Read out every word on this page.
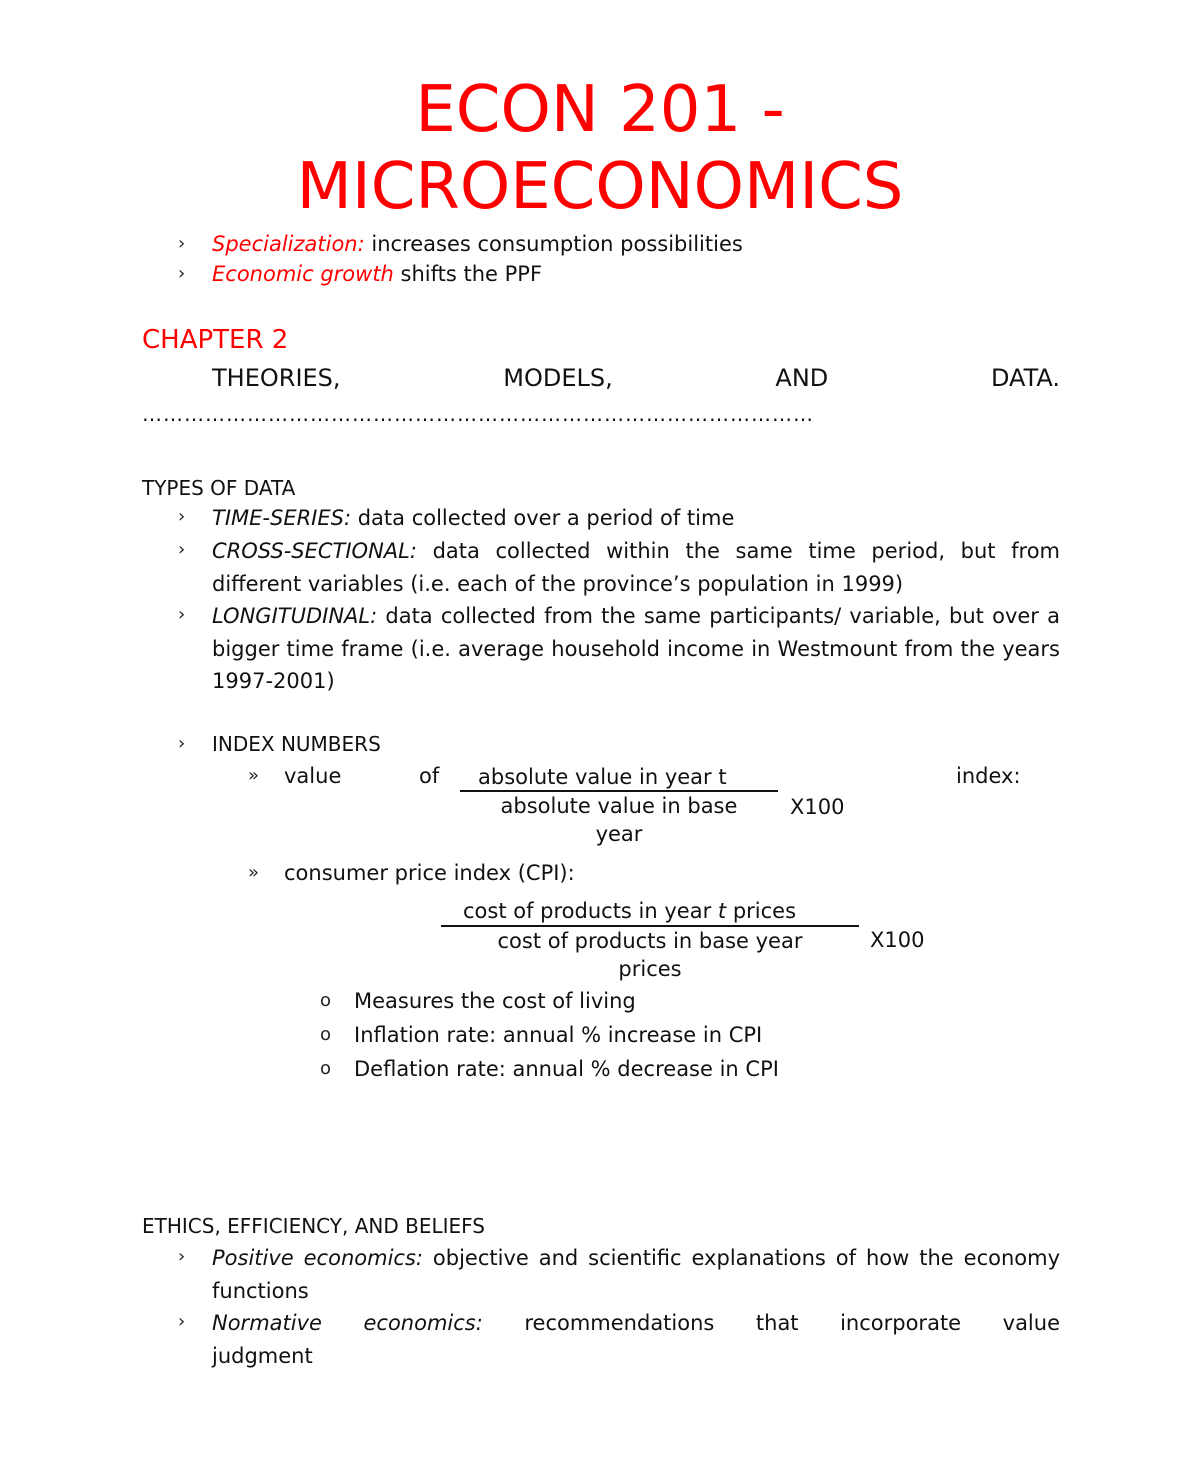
ECON 201 -
MICROECONOMICS
› Specialization: increases consumption possibilities
› Economic growth shifts the PPF
CHAPTER 2
THEORIES,	MODELS,	AND	DATA.
……………………………………………………………………………………
TYPES OF DATA
› TIME-SERIES: data collected over a period of time
› CROSS-SECTIONAL: data collected within the same time period, but from different variables (i.e. each of the province’s population in 1999)
› LONGITUDINAL: data collected from the same participants/ variable, but over a bigger time frame (i.e. average household income in Westmount from the years 1997-2001)
› INDEX NUMBERS
» value	of absolute value in year t
absolute value in base year
X100
index:
» consumer price index (CPI):
cost of products in year t prices
cost of products in base year prices
X100
o Measures the cost of living
o Inflation rate: annual % increase in CPI
o Deflation rate: annual % decrease in CPI
ETHICS, EFFICIENCY, AND BELIEFS
› Positive economics: objective and scientific explanations of how the economy functions
› Normative economics: recommendations that incorporate value judgment
